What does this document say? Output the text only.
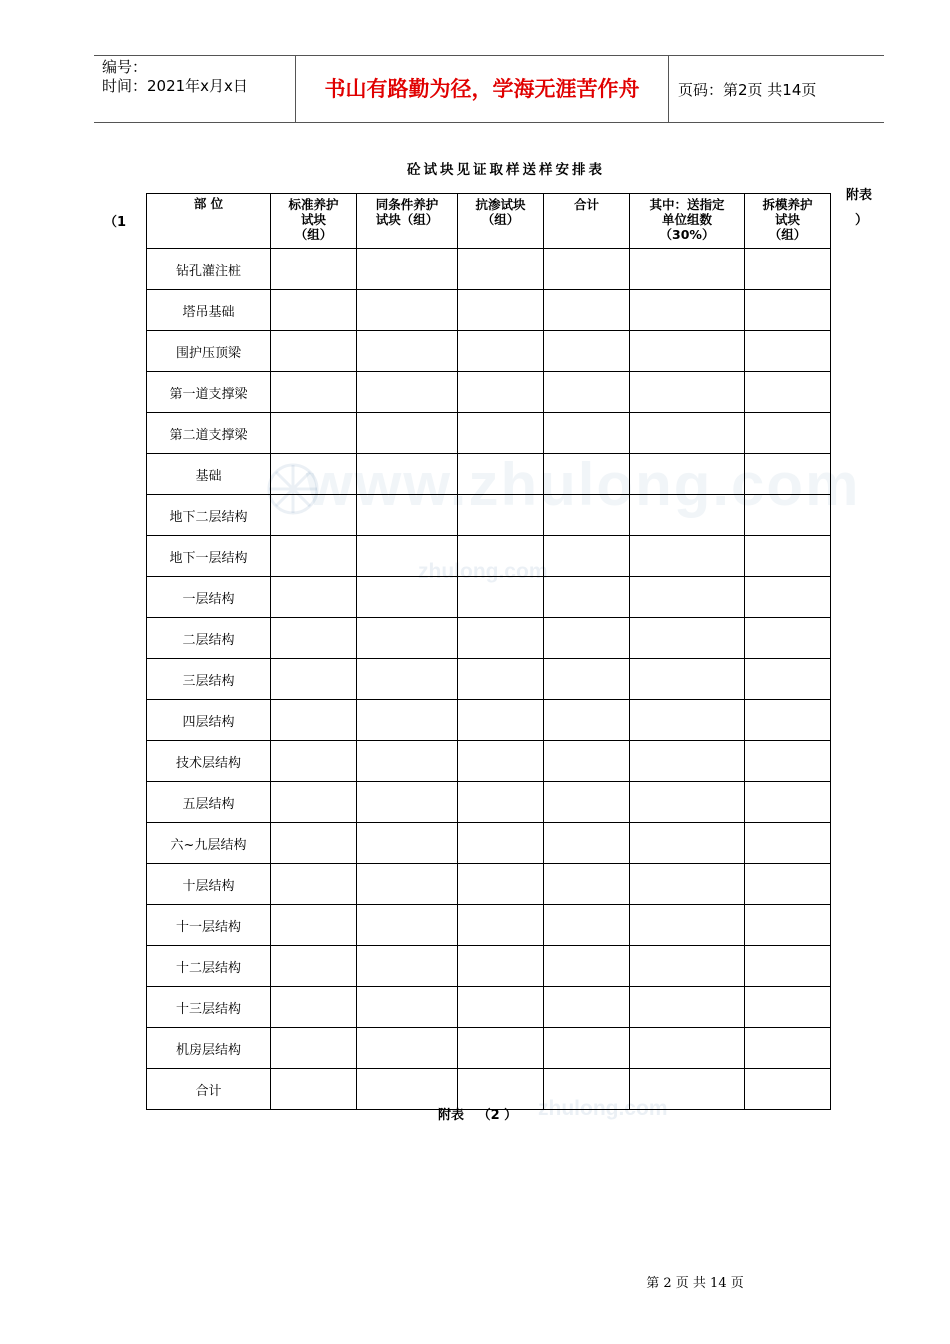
编号：
时间：2021年x月x日	书山有路勤为径，学海无涯苦作舟	页码：第2页 共14页
砼试块见证取样送样安排表
附表
（1	）
www.zhulong.com
zhulong.com
zhulong.com
部 位	标准养护
试块
（组）	同条件养护
试块（组）	抗渗试块
（组）	合计	其中：送指定
单位组数
（30%）	拆模养护
试块
（组）
钻孔灌注桩						
塔吊基础						
围护压顶梁						
第一道支撑梁						
第二道支撑梁						
基础						
地下二层结构						
地下一层结构						
一层结构						
二层结构						
三层结构						
四层结构						
技术层结构						
五层结构						
六~九层结构						
十层结构						
十一层结构						
十二层结构						
十三层结构						
机房层结构						
合计						
附表   （2 ）
第 2 页 共 14 页
